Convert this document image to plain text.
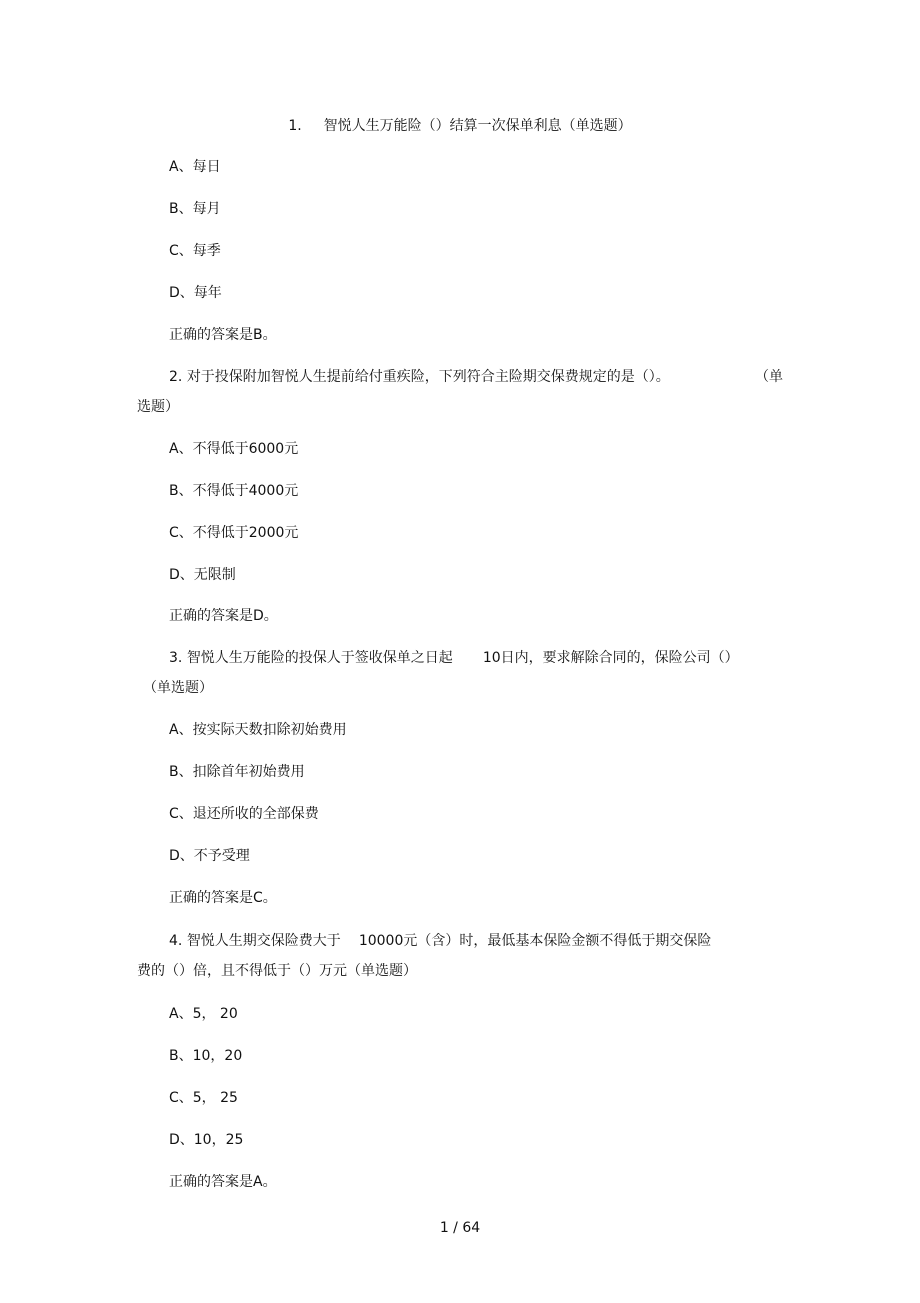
1. 智悦人生万能险（）结算一次保单利息（单选题）
A、每日
B、每月
C、每季
D、每年
正确的答案是B。
2. 对于投保附加智悦人生提前给付重疾险，下列符合主险期交保费规定的是（）。	（单
选题）
A、不得低于6000元
B、不得低于4000元
C、不得低于2000元
D、无限制
正确的答案是D。
3. 智悦人生万能险的投保人于签收保单之日起 10日内，要求解除合同的，保险公司（）
（单选题）
A、按实际天数扣除初始费用
B、扣除首年初始费用
C、退还所收的全部保费
D、不予受理
正确的答案是C。
4. 智悦人生期交保险费大于 10000元（含）时，最低基本保险金额不得低于期交保险
费的（）倍，且不得低于（）万元（单选题）
A、5， 20
B、10，20
C、5， 25
D、10，25
正确的答案是A。
1 / 64
